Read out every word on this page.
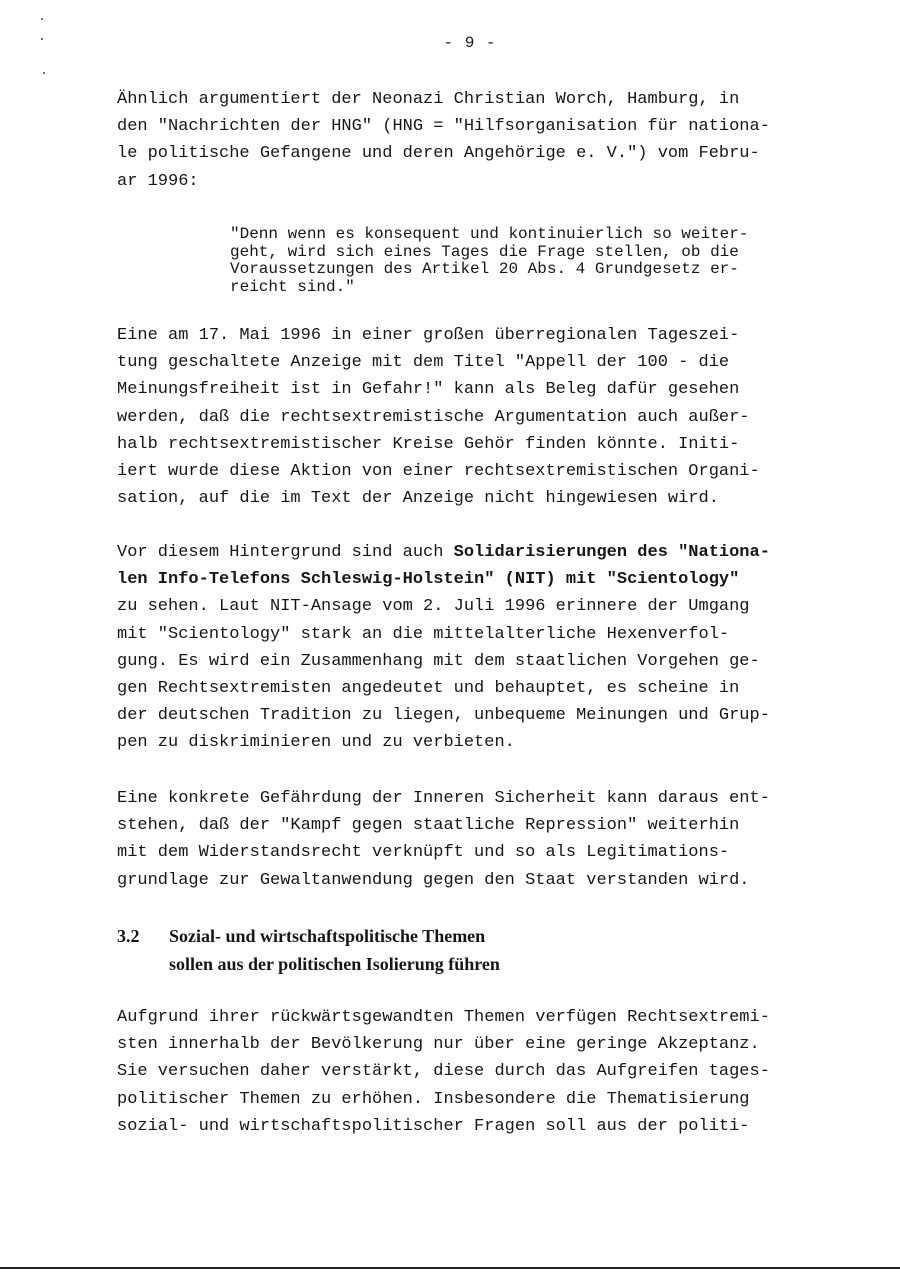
- 9 -
Ähnlich argumentiert der Neonazi Christian Worch, Hamburg, in
den "Nachrichten der HNG" (HNG = "Hilfsorganisation für nationa-
le politische Gefangene und deren Angehörige e. V.") vom Febru-
ar 1996:
"Denn wenn es konsequent und kontinuierlich so weiter-
geht, wird sich eines Tages die Frage stellen, ob die
Voraussetzungen des Artikel 20 Abs. 4 Grundgesetz er-
reicht sind."
Eine am 17. Mai 1996 in einer großen überregionalen Tageszei-
tung geschaltete Anzeige mit dem Titel "Appell der 100 - die
Meinungsfreiheit ist in Gefahr!" kann als Beleg dafür gesehen
werden, daß die rechtsextremistische Argumentation auch außer-
halb rechtsextremistischer Kreise Gehör finden könnte. Initi-
iert wurde diese Aktion von einer rechtsextremistischen Organi-
sation, auf die im Text der Anzeige nicht hingewiesen wird.
Vor diesem Hintergrund sind auch Solidarisierungen des "Nationa-
len Info-Telefons Schleswig-Holstein" (NIT) mit "Scientology"
zu sehen. Laut NIT-Ansage vom 2. Juli 1996 erinnere der Umgang
mit "Scientology" stark an die mittelalterliche Hexenverfol-
gung. Es wird ein Zusammenhang mit dem staatlichen Vorgehen ge-
gen Rechtsextremisten angedeutet und behauptet, es scheine in
der deutschen Tradition zu liegen, unbequeme Meinungen und Grup-
pen zu diskriminieren und zu verbieten.
Eine konkrete Gefährdung der Inneren Sicherheit kann daraus ent-
stehen, daß der "Kampf gegen staatliche Repression" weiterhin
mit dem Widerstandsrecht verknüpft und so als Legitimations-
grundlage zur Gewaltanwendung gegen den Staat verstanden wird.
3.2 Sozial- und wirtschaftspolitische Themen
sollen aus der politischen Isolierung führen
Aufgrund ihrer rückwärtsgewandten Themen verfügen Rechtsextremi-
sten innerhalb der Bevölkerung nur über eine geringe Akzeptanz.
Sie versuchen daher verstärkt, diese durch das Aufgreifen tages-
politischer Themen zu erhöhen. Insbesondere die Thematisierung
sozial- und wirtschaftspolitischer Fragen soll aus der politi-
